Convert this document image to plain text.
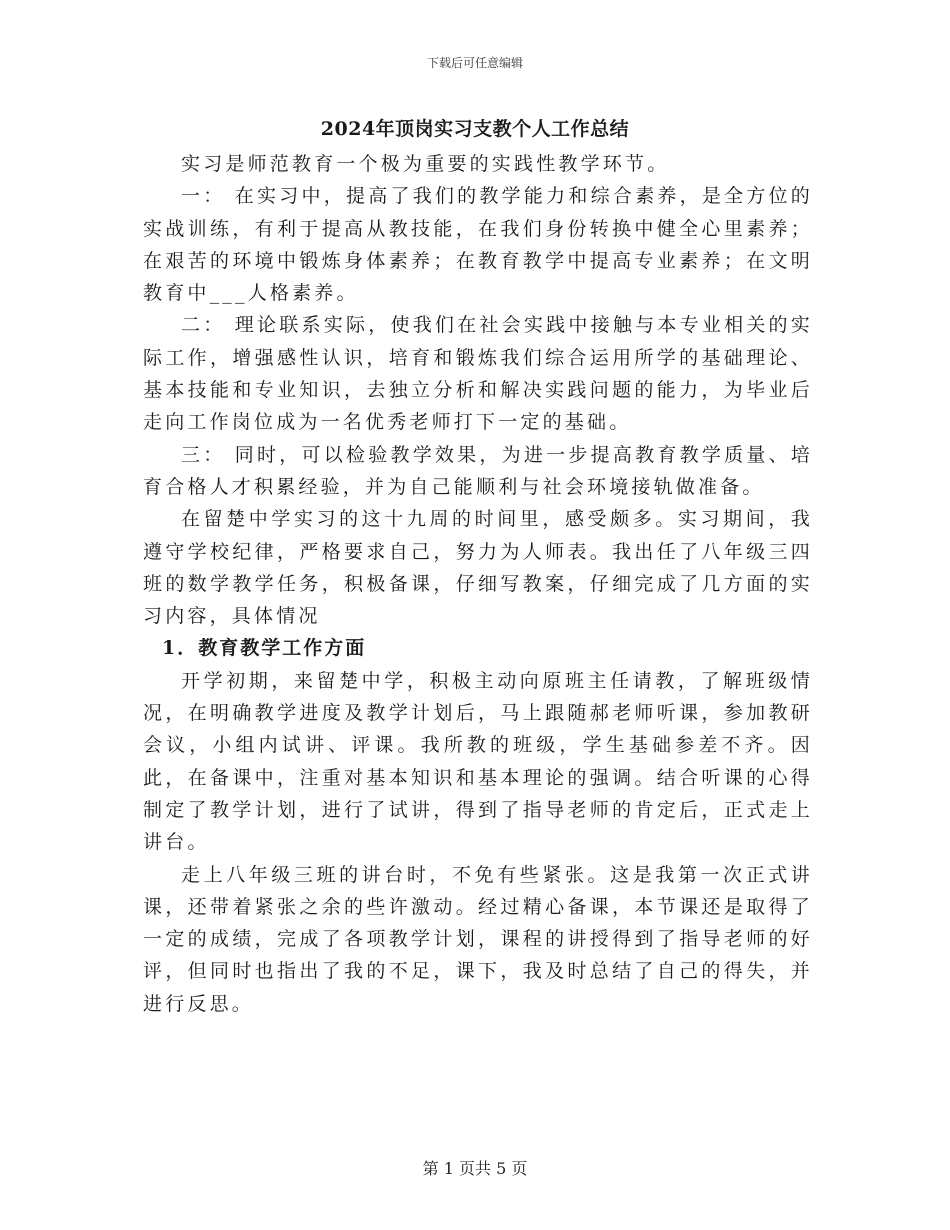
下载后可任意编辑
2024年顶岗实习支教个人工作总结

实习是师范教育一个极为重要的实践性教学环节。

一： 在实习中，提高了我们的教学能力和综合素养，是全方位的实战训练，有利于提高从教技能，在我们身份转换中健全心里素养；在艰苦的环境中锻炼身体素养；在教育教学中提高专业素养；在文明教育中___人格素养。

二： 理论联系实际，使我们在社会实践中接触与本专业相关的实际工作，增强感性认识，培育和锻炼我们综合运用所学的基础理论、基本技能和专业知识，去独立分析和解决实践问题的能力，为毕业后走向工作岗位成为一名优秀老师打下一定的基础。

三： 同时，可以检验教学效果，为进一步提高教育教学质量、培育合格人才积累经验，并为自己能顺利与社会环境接轨做准备。

在留楚中学实习的这十九周的时间里，感受颇多。实习期间，我遵守学校纪律，严格要求自己，努力为人师表。我出任了八年级三四班的数学教学任务，积极备课，仔细写教案，仔细完成了几方面的实习内容，具体情况

1．教育教学工作方面

开学初期，来留楚中学，积极主动向原班主任请教，了解班级情况，在明确教学进度及教学计划后，马上跟随郝老师听课，参加教研会议，小组内试讲、评课。我所教的班级，学生基础参差不齐。因此，在备课中，注重对基本知识和基本理论的强调。结合听课的心得制定了教学计划，进行了试讲，得到了指导老师的肯定后，正式走上讲台。

走上八年级三班的讲台时，不免有些紧张。这是我第一次正式讲课，还带着紧张之余的些许激动。经过精心备课，本节课还是取得了一定的成绩，完成了各项教学计划，课程的讲授得到了指导老师的好评，但同时也指出了我的不足，课下，我及时总结了自己的得失，并进行反思。

第 1 页共 5 页
